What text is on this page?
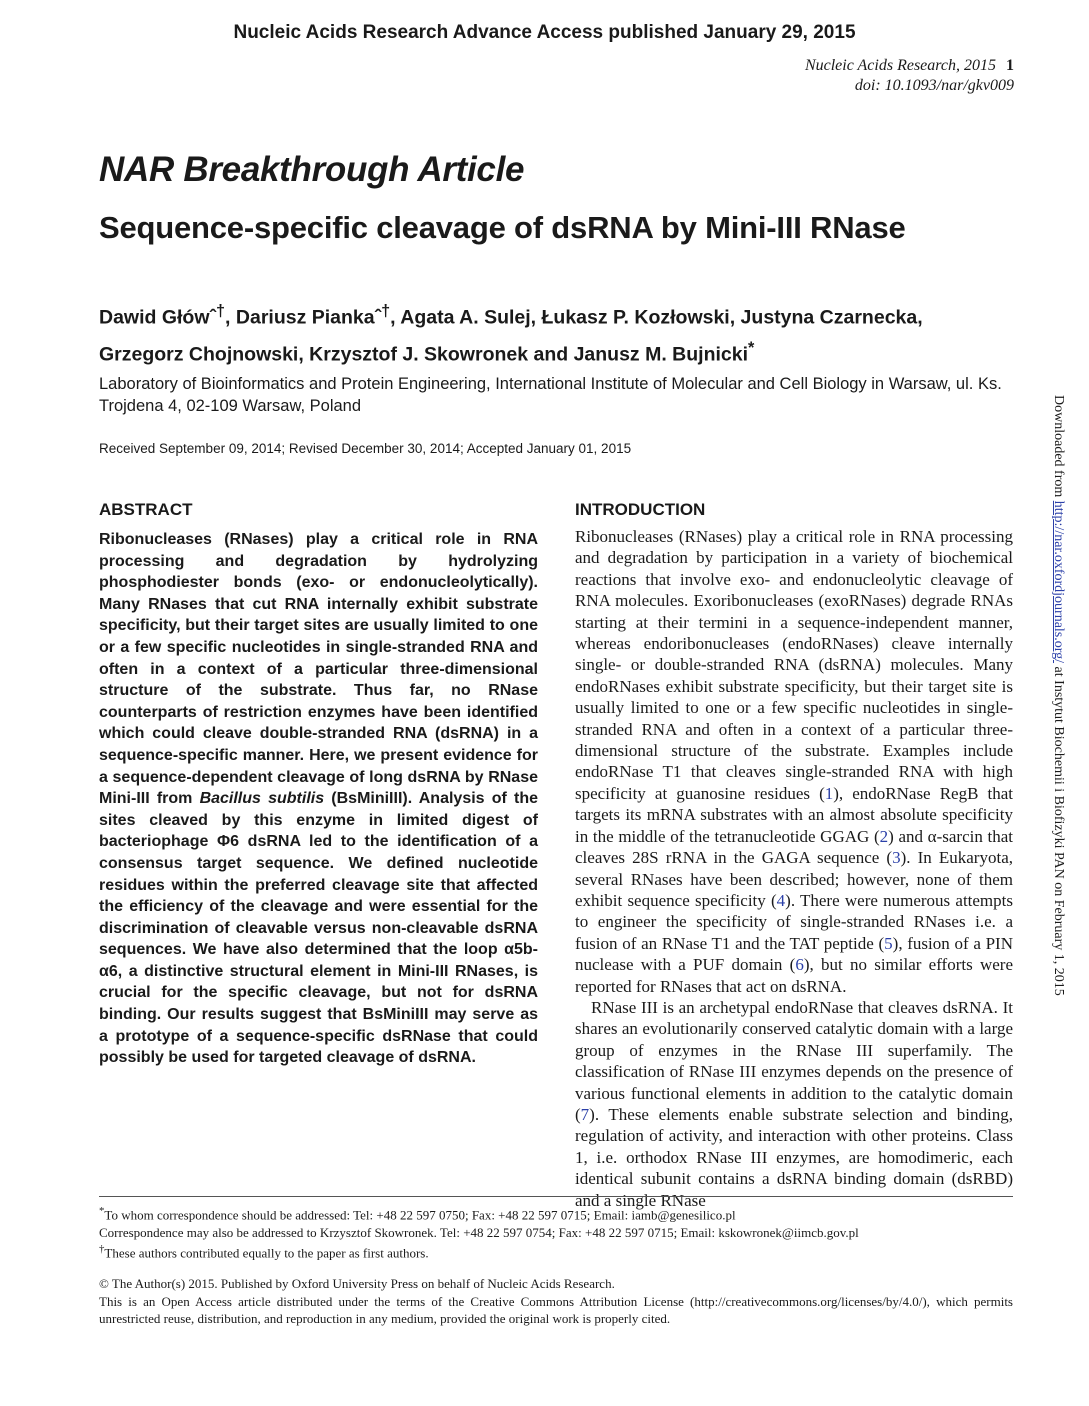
Nucleic Acids Research Advance Access published January 29, 2015
Nucleic Acids Research, 2015 1
doi: 10.1093/nar/gkv009
NAR Breakthrough Article
Sequence-specific cleavage of dsRNA by Mini-III RNase
Dawid Główˆ†, Dariusz Piankaˆ†, Agata A. Sulej, Łukasz P. Kozłowski, Justyna Czarnecka,
Grzegorz Chojnowski, Krzysztof J. Skowronek and Janusz M. Bujnicki*
Laboratory of Bioinformatics and Protein Engineering, International Institute of Molecular and Cell Biology in Warsaw, ul. Ks. Trojdena 4, 02-109 Warsaw, Poland
Received September 09, 2014; Revised December 30, 2014; Accepted January 01, 2015
ABSTRACT
Ribonucleases (RNases) play a critical role in RNA processing and degradation by hydrolyzing phosphodiester bonds (exo- or endonucleolytically). Many RNases that cut RNA internally exhibit substrate specificity, but their target sites are usually limited to one or a few specific nucleotides in single-stranded RNA and often in a context of a particular three-dimensional structure of the substrate. Thus far, no RNase counterparts of restriction enzymes have been identified which could cleave double-stranded RNA (dsRNA) in a sequence-specific manner. Here, we present evidence for a sequence-dependent cleavage of long dsRNA by RNase Mini-III from Bacillus subtilis (BsMiniIII). Analysis of the sites cleaved by this enzyme in limited digest of bacteriophage Φ6 dsRNA led to the identification of a consensus target sequence. We defined nucleotide residues within the preferred cleavage site that affected the efficiency of the cleavage and were essential for the discrimination of cleavable versus non-cleavable dsRNA sequences. We have also determined that the loop α5b-α6, a distinctive structural element in Mini-III RNases, is crucial for the specific cleavage, but not for dsRNA binding. Our results suggest that BsMiniIII may serve as a prototype of a sequence-specific dsRNase that could possibly be used for targeted cleavage of dsRNA.
INTRODUCTION

Ribonucleases (RNases) play a critical role in RNA processing and degradation by participation in a variety of biochemical reactions that involve exo- and endonucleolytic cleavage of RNA molecules. Exoribonucleases (exoRNases) degrade RNAs starting at their termini in a sequence-independent manner, whereas endoribonucleases (endoRNases) cleave internally single- or double-stranded RNA (dsRNA) molecules. Many endoRNases exhibit substrate specificity, but their target site is usually limited to one or a few specific nucleotides in single-stranded RNA and often in a context of a particular three-dimensional structure of the substrate. Examples include endoRNase T1 that cleaves single-stranded RNA with high specificity at guanosine residues (1), endoRNase RegB that targets its mRNA substrates with an almost absolute specificity in the middle of the tetranucleotide GGAG (2) and α-sarcin that cleaves 28S rRNA in the GAGA sequence (3). In Eukaryota, several RNases have been described; however, none of them exhibit sequence specificity (4). There were numerous attempts to engineer the specificity of single-stranded RNases i.e. a fusion of an RNase T1 and the TAT peptide (5), fusion of a PIN nuclease with a PUF domain (6), but no similar efforts were reported for RNases that act on dsRNA.

RNase III is an archetypal endoRNase that cleaves dsRNA. It shares an evolutionarily conserved catalytic domain with a large group of enzymes in the RNase III superfamily. The classification of RNase III enzymes depends on the presence of various functional elements in addition to the catalytic domain (7). These elements enable substrate selection and binding, regulation of activity, and interaction with other proteins. Class 1, i.e. orthodox RNase III enzymes, are homodimeric, each identical subunit contains a dsRNA binding domain (dsRBD) and a single RNase

*To whom correspondence should be addressed: Tel: +48 22 597 0750; Fax: +48 22 597 0715; Email: iamb@genesilico.pl
Correspondence may also be addressed to Krzysztof Skowronek. Tel: +48 22 597 0754; Fax: +48 22 597 0715; Email: kskowronek@iimcb.gov.pl
†These authors contributed equally to the paper as first authors.
© The Author(s) 2015. Published by Oxford University Press on behalf of Nucleic Acids Research.
This is an Open Access article distributed under the terms of the Creative Commons Attribution License (http://creativecommons.org/licenses/by/4.0/), which permits unrestricted reuse, distribution, and reproduction in any medium, provided the original work is properly cited.
Downloaded from http://nar.oxfordjournals.org/ at Instytut Biochemii i Biofizyki PAN on February 1, 2015
